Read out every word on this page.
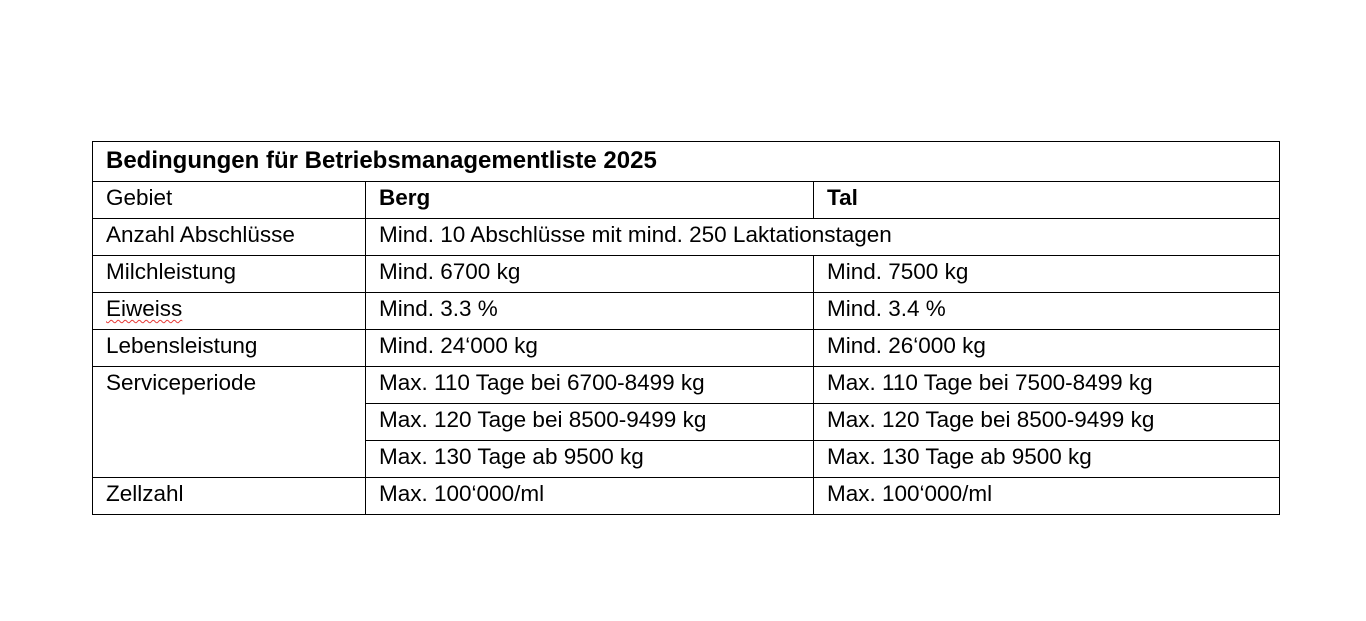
Bedingungen für Betriebsmanagementliste 2025		
Gebiet	Berg	Tal
Anzahl Abschlüsse	Mind. 10 Abschlüsse mit mind. 250 Laktationstagen	
Milchleistung	Mind. 6700 kg	Mind. 7500 kg
Eiweiss	Mind. 3.3 %	Mind. 3.4 %
Lebensleistung	Mind. 24‘000 kg	Mind. 26‘000 kg
Serviceperiode	Max. 110 Tage bei 6700-8499 kg	Max. 110 Tage bei 7500-8499 kg
	Max. 120 Tage bei 8500-9499 kg	Max. 120 Tage bei 8500-9499 kg
	Max. 130 Tage ab 9500 kg	Max. 130 Tage ab 9500 kg
Zellzahl	Max. 100‘000/ml	Max. 100‘000/ml
